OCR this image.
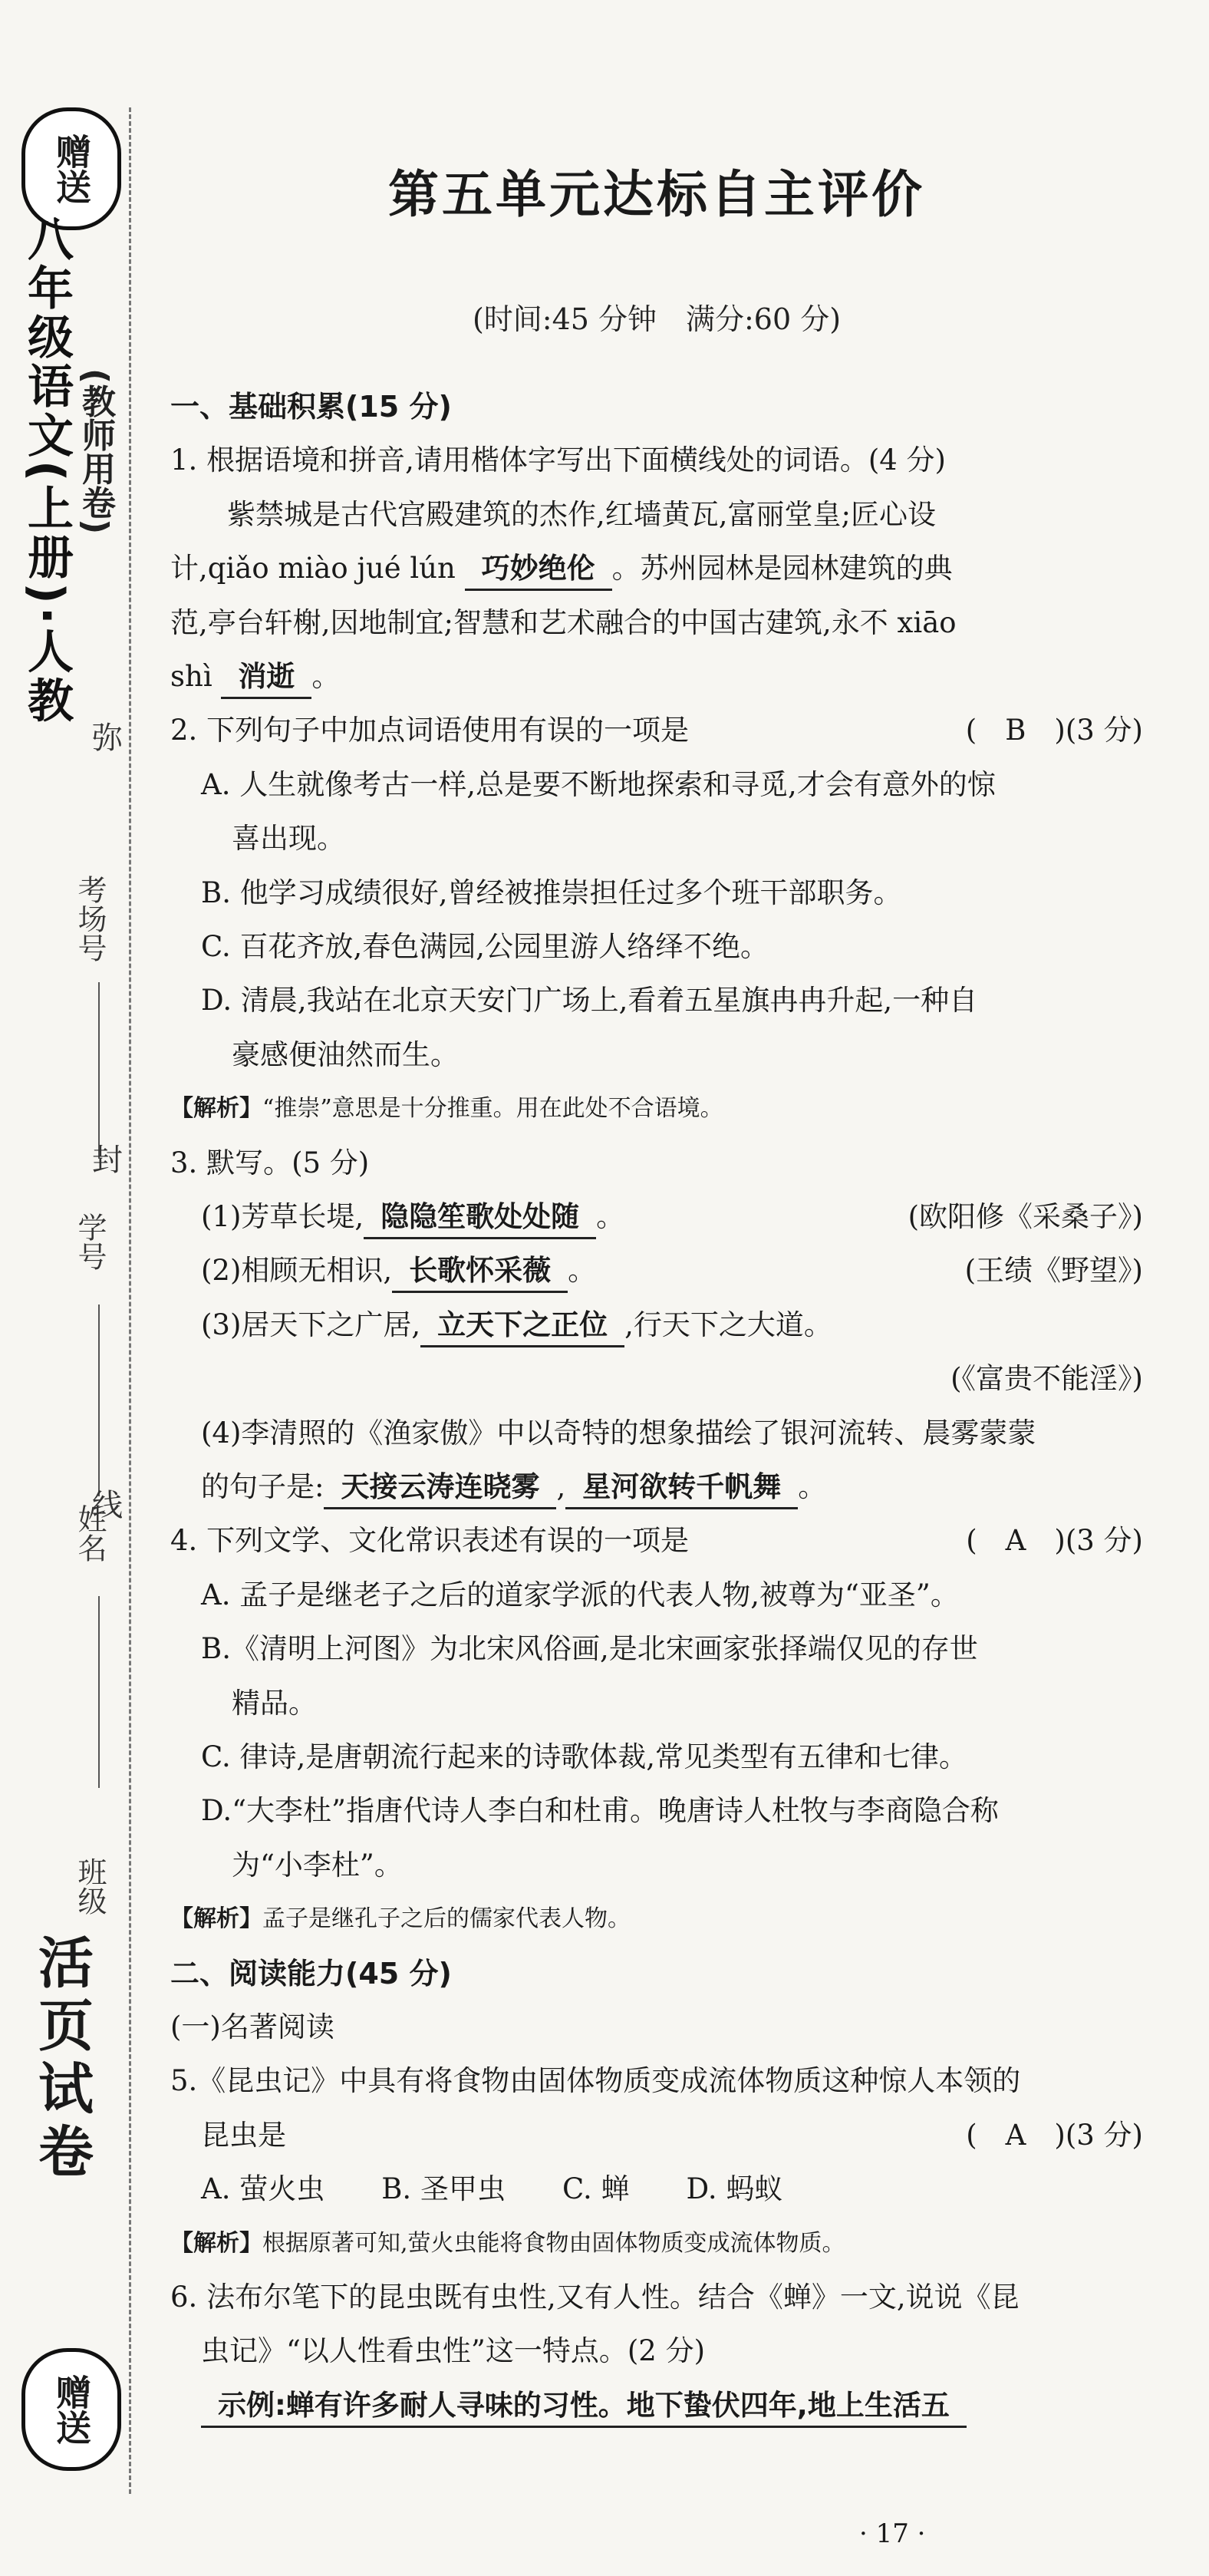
赠送
八年级语文(上册)·人教 (教师用卷)
考场号
学号
姓名
班级
弥
封
线
活页试卷
赠送
第五单元达标自主评价
(时间:45 分钟　满分:60 分)
一、基础积累(15 分)
1. 根据语境和拼音,请用楷体字写出下面横线处的词语。(4 分)
　　紫禁城是古代宫殿建筑的杰作,红墙黄瓦,富丽堂皇;匠心设
计,qiǎo miào jué lún 巧妙绝伦 。苏州园林是园林建筑的典
范,亭台轩榭,因地制宜;智慧和艺术融合的中国古建筑,永不 xiāo
shì 消逝 。
2. 下列句子中加点词语使用有误的一项是	(　B　)(3 分)
A. 人生就像考古一样,总是要不断地探索和寻觅,才会有意外的惊
喜出现。
B. 他学习成绩很好,曾经被推崇担任过多个班干部职务。
C. 百花齐放,春色满园,公园里游人络绎不绝。
D. 清晨,我站在北京天安门广场上,看着五星旗冉冉升起,一种自
豪感便油然而生。
【解析】“推崇”意思是十分推重。用在此处不合语境。
3. 默写。(5 分)
(1)芳草长堤, 隐隐笙歌处处随 。	(欧阳修《采桑子》)
(2)相顾无相识, 长歌怀采薇 。	(王绩《野望》)
(3)居天下之广居, 立天下之正位 ,行天下之大道。
(《富贵不能淫》)
(4)李清照的《渔家傲》中以奇特的想象描绘了银河流转、晨雾蒙蒙
的句子是: 天接云涛连晓雾 , 星河欲转千帆舞 。
4. 下列文学、文化常识表述有误的一项是	(　A　)(3 分)
A. 孟子是继老子之后的道家学派的代表人物,被尊为“亚圣”。
B.《清明上河图》为北宋风俗画,是北宋画家张择端仅见的存世
精品。
C. 律诗,是唐朝流行起来的诗歌体裁,常见类型有五律和七律。
D.“大李杜”指唐代诗人李白和杜甫。晚唐诗人杜牧与李商隐合称
为“小李杜”。
【解析】孟子是继孔子之后的儒家代表人物。
二、阅读能力(45 分)
(一)名著阅读
5.《昆虫记》中具有将食物由固体物质变成流体物质这种惊人本领的
昆虫是	(　A　)(3 分)
A. 萤火虫　　B. 圣甲虫　　C. 蝉　　D. 蚂蚁
【解析】根据原著可知,萤火虫能将食物由固体物质变成流体物质。
6. 法布尔笔下的昆虫既有虫性,又有人性。结合《蝉》一文,说说《昆
虫记》“以人性看虫性”这一特点。(2 分)
示例:蝉有许多耐人寻味的习性。地下蛰伏四年,地上生活五
· 17 ·
